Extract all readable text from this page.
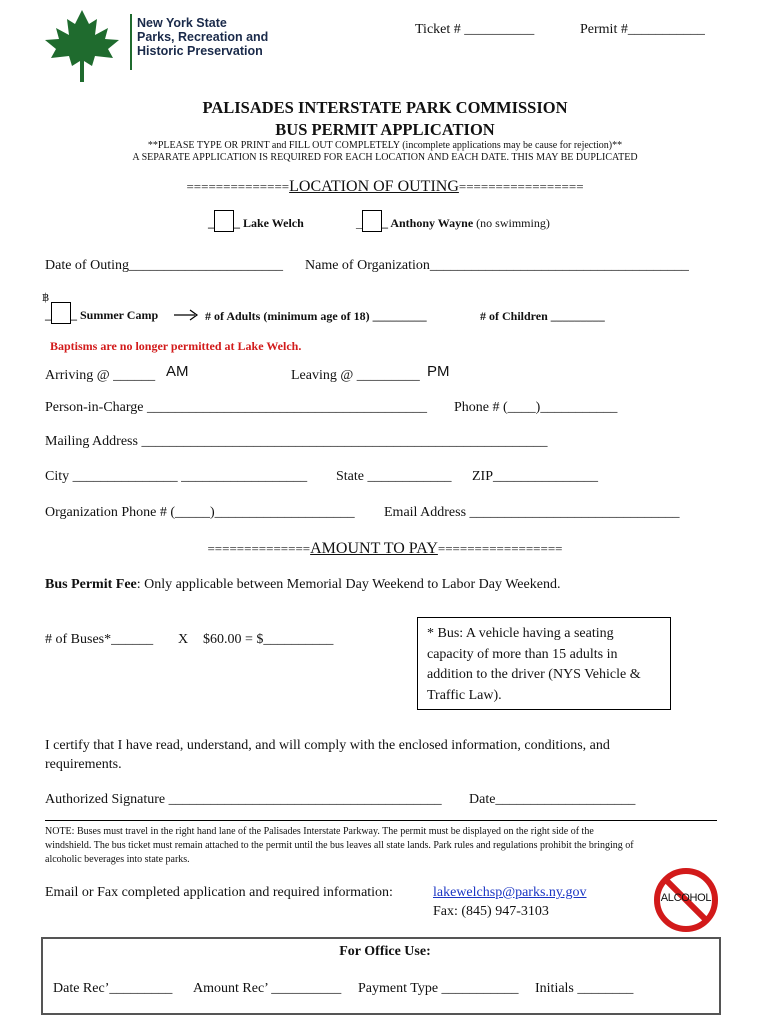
New York State
Parks, Recreation and
Historic Preservation
Ticket # __________	Permit #___________
PALISADES INTERSTATE PARK COMMISSION
BUS PERMIT APPLICATION
**PLEASE TYPE OR PRINT and FILL OUT COMPLETELY (incomplete applications may be cause for rejection)**
A SEPARATE APPLICATION IS REQUIRED FOR EACH LOCATION AND EACH DATE. THIS MAY BE DUPLICATED
==============LOCATION OF OUTING=================
_ _ Lake Welch	_ _ Anthony Wayne (no swimming)
Date of Outing______________________ Name of Organization_____________________________________
฿
_ _ Summer Camp	# of Adults (minimum age of 18) _________	# of Children _________
Baptisms are no longer permitted at Lake Welch.
Arriving @ ______ AM	Leaving @ _________ PM
Person-in-Charge ________________________________________ Phone # (____)___________
Mailing Address __________________________________________________________
City _______________ __________________ State ____________ ZIP_______________
Organization Phone # (_____)____________________ Email Address ______________________________
==============AMOUNT TO PAY=================
Bus Permit Fee: Only applicable between Memorial Day Weekend to Labor Day Weekend.
# of Buses*______ X $60.00 = $__________	* Bus: A vehicle having a seating
capacity of more than 15 adults in
addition to the driver (NYS Vehicle &
Traffic Law).
I certify that I have read, understand, and will comply with the enclosed information, conditions, and
requirements.
Authorized Signature _______________________________________ Date____________________
NOTE: Buses must travel in the right hand lane of the Palisades Interstate Parkway. The permit must be displayed on the right side of the
windshield. The bus ticket must remain attached to the permit until the bus leaves all state lands. Park rules and regulations prohibit the bringing of
alcoholic beverages into state parks.
Email or Fax completed application and required information:	lakewelchsp@parks.ny.gov
Fax: (845) 947-3103
ALCOHOL
For Office Use:
Date Rec’_________ Amount Rec’ __________ Payment Type ___________ Initials ________
